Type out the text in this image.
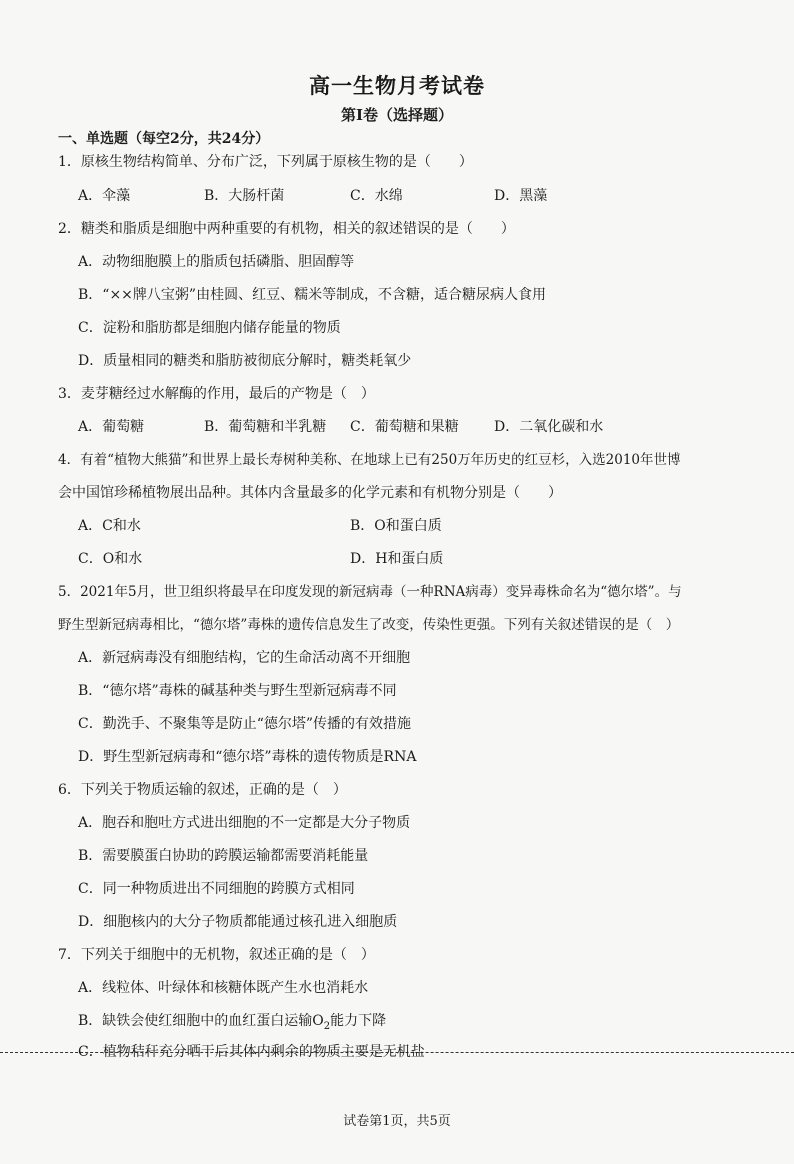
高一生物月考试卷
第Ⅰ卷（选择题）
一、单选题（每空2分，共24分）
1．原核生物结构简单、分布广泛，下列属于原核生物的是（　　）
A．伞藻	B．大肠杆菌	C．水绵	D．黑藻
2．糖类和脂质是细胞中两种重要的有机物，相关的叙述错误的是（　　）
A．动物细胞膜上的脂质包括磷脂、胆固醇等
B．“××牌八宝粥”由桂圆、红豆、糯米等制成，不含糖，适合糖尿病人食用
C．淀粉和脂肪都是细胞内储存能量的物质
D．质量相同的糖类和脂肪被彻底分解时，糖类耗氧少
3．麦芽糖经过水解酶的作用，最后的产物是（　）
A．葡萄糖	B．葡萄糖和半乳糖 C．葡萄糖和果糖	D．二氧化碳和水
4．有着“植物大熊猫”和世界上最长寿树种美称、在地球上已有250万年历史的红豆杉，入选2010年世博
会中国馆珍稀植物展出品种。其体内含量最多的化学元素和有机物分别是（　　）
A．C和水	B．O和蛋白质
C．O和水	D．H和蛋白质
5．2021年5月，世卫组织将最早在印度发现的新冠病毒（一种RNA病毒）变异毒株命名为“德尔塔”。与
野生型新冠病毒相比，“德尔塔”毒株的遗传信息发生了改变，传染性更强。下列有关叙述错误的是（　）
A．新冠病毒没有细胞结构，它的生命活动离不开细胞
B．“德尔塔”毒株的碱基种类与野生型新冠病毒不同
C．勤洗手、不聚集等是防止“德尔塔”传播的有效措施
D．野生型新冠病毒和“德尔塔”毒株的遗传物质是RNA
6．下列关于物质运输的叙述，正确的是（　）
A．胞吞和胞吐方式进出细胞的不一定都是大分子物质
B．需要膜蛋白协助的跨膜运输都需要消耗能量
C．同一种物质进出不同细胞的跨膜方式相同
D．细胞核内的大分子物质都能通过核孔进入细胞质
7．下列关于细胞中的无机物，叙述正确的是（　）
A．线粒体、叶绿体和核糖体既产生水也消耗水
B．缺铁会使红细胞中的血红蛋白运输$O_2$能力下降
C．植物秸秆充分晒干后其体内剩余的物质主要是无机盐
试卷第1页，共5页
